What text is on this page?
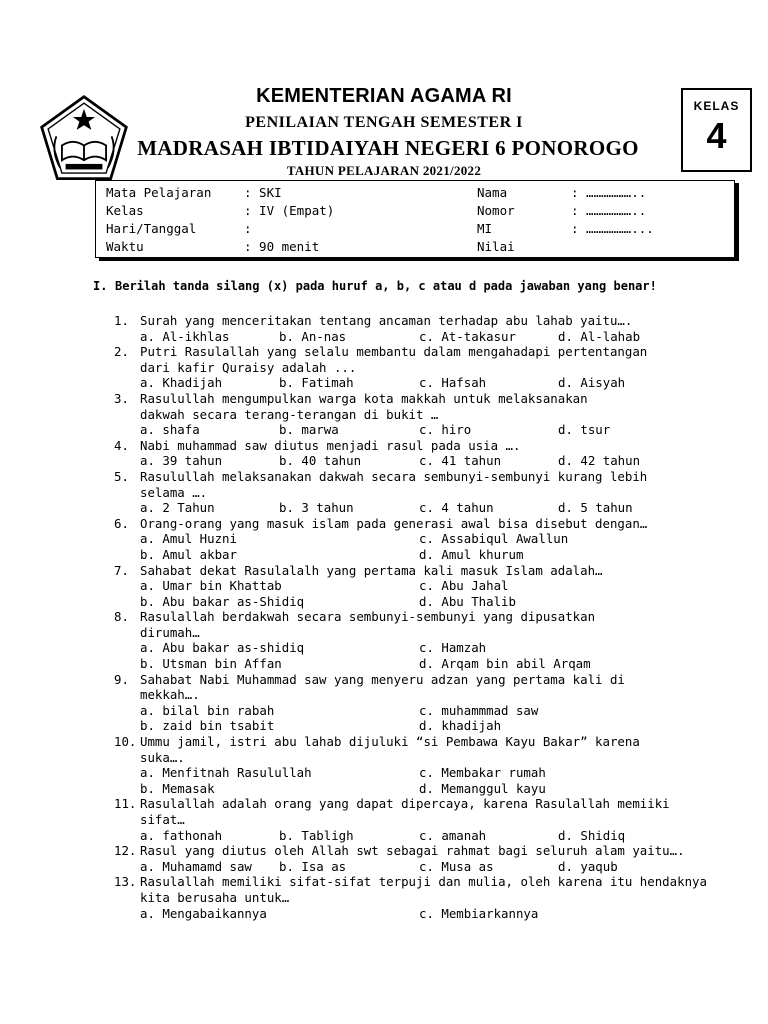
KEMENTERIAN AGAMA RI
PENILAIAN TENGAH SEMESTER I
MADRASAH IBTIDAIYAH NEGERI 6 PONOROGO
TAHUN PELAJARAN 2021/2022
KELAS
4
Mata Pelajaran	: SKI	Nama	: ………………..
Kelas	: IV (Empat)	Nomor	: ………………..
Hari/Tanggal	:	MI	: ………………...
Waktu	: 90 menit	Nilai
I. Berilah tanda silang (x) pada huruf a, b, c atau d pada jawaban yang benar!
1. Surah yang menceritakan tentang ancaman terhadap abu lahab yaitu….
a. Al-ikhlas	b. An-nas	c. At-takasur	d. Al-lahab
2. Putri Rasulallah yang selalu membantu dalam mengahadapi pertentangan
dari kafir Quraisy adalah ...
a. Khadijah	b. Fatimah	c. Hafsah	d. Aisyah
3. Rasulullah mengumpulkan warga kota makkah untuk melaksanakan
dakwah secara terang-terangan di bukit …
a. shafa	b. marwa	c. hiro	d. tsur
4. Nabi muhammad saw diutus menjadi rasul pada usia ….
a. 39 tahun	b. 40 tahun	c. 41 tahun	d. 42 tahun
5. Rasulullah melaksanakan dakwah secara sembunyi-sembunyi kurang lebih
selama ….
a. 2 Tahun	b. 3 tahun	c. 4 tahun	d. 5 tahun
6. Orang-orang yang masuk islam pada generasi awal bisa disebut dengan…
a. Amul Huzni	c. Assabiqul Awallun
b. Amul akbar	d. Amul khurum
7. Sahabat dekat Rasulalalh yang pertama kali masuk Islam adalah…
a. Umar bin Khattab	c. Abu Jahal
b. Abu bakar as-Shidiq	d. Abu Thalib
8. Rasulallah berdakwah secara sembunyi-sembunyi yang dipusatkan
dirumah…
a. Abu bakar as-shidiq	c. Hamzah
b. Utsman bin Affan	d. Arqam bin abil Arqam
9. Sahabat Nabi Muhammad saw yang menyeru adzan yang pertama kali di
mekkah….
a. bilal bin rabah	c. muhammmad saw
b. zaid bin tsabit	d. khadijah
10. Ummu jamil, istri abu lahab dijuluki “si Pembawa Kayu Bakar” karena
suka….
a. Menfitnah Rasulullah	c. Membakar rumah
b. Memasak	d. Memanggul kayu
11. Rasulallah adalah orang yang dapat dipercaya, karena Rasulallah memiiki
sifat…
a. fathonah	b. Tabligh	c. amanah	d. Shidiq
12. Rasul yang diutus oleh Allah swt sebagai rahmat bagi seluruh alam yaitu….
a. Muhamamd saw b. Isa as	c. Musa as	d. yaqub
13. Rasulallah memiliki sifat-sifat terpuji dan mulia, oleh karena itu hendaknya
kita berusaha untuk…
a. Mengabaikannya	c. Membiarkannya
